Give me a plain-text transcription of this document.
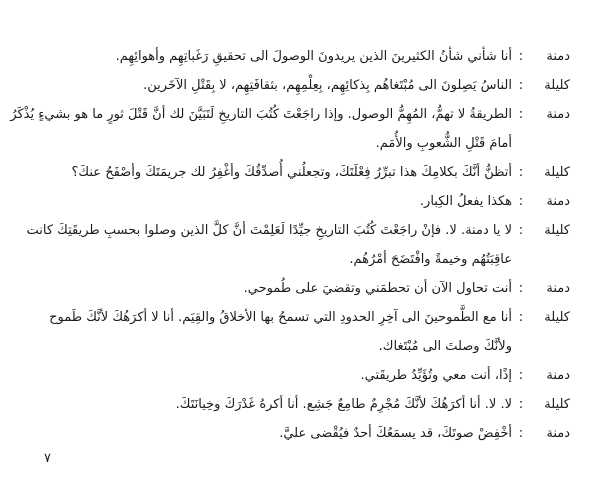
دمنة
:
أنا شأني شأنُ الكثيرينَ الذين يريدونَ الوصولَ الى تحقيقِ رَغَباتِهِم وأهوائِهِم.
كليلة
:
الناسُ يَصِلونَ الى مُبْتَغاهُم بِذكائِهِم، بِعِلْمِهِم، بثقافَتِهِم، لا بِقَتْلِ الآخَرين.
دمنة
:
الطريقةُ لا تهمُّ، المُهِمُّ الوصول. وإذا راجَعْتَ كُتُبَ التاريخِ لَتَبَيَّنَ لك أنَّ قَتْلَ ثورٍ ما هو بشيءٍ يُذْكَرُ
أمامَ قَتْلِ الشُّعوبِ والأُمَم.
كليلة
:
أتظنُّ أنَّكَ بكلامِكَ هذا تبرِّرُ فِعْلَتَكَ، وتجعلُني أُصدِّقُكَ وأغْفِرُ لك جريمَتَكَ وأصْفَحُ عنكَ؟
دمنة
:
هكذا يفعلُ الكِبار.
كليلة
:
لا يا دمنة. لا. فإنْ راجَعْتَ كُتُبَ التاريخِ جيِّدًا لَعَلِمْتَ أنَّ كلَّ الذين وصلوا بحسبِ طريقَتِكَ كانت
عاقِبَتُهُم وخيمةً وافْتَضَحَ أمْرُهُم.
دمنة
:
أنت تحاول الآن أن تحطمَني وتقضيَ على طُموحي.
كليلة
:
أنا مع الطَّموحينَ الى آخِرِ الحدودِ التي تسمحُ بها الأخلاقُ والقِيَم. أنا لا أكرَهُكَ لأنَّكَ طَموح
ولأنَّكَ وصلتَ الى مُبْتَغاك.
دمنة
:
إذًا، أنت معي وتُؤَيِّدُ طريقَتي.
كليلة
:
لا. لا. أنا أكرَهُكَ لأنَّكَ مُجْرِمٌ طامِعٌ جَشِع. أنا أكرهُ غَدْرَكَ وخِيانَتَكَ.
دمنة
:
أخْفِضْ صوتَكَ، قد يسمَعُكَ أحدٌ فيُقْضى عليَّ.
٧
